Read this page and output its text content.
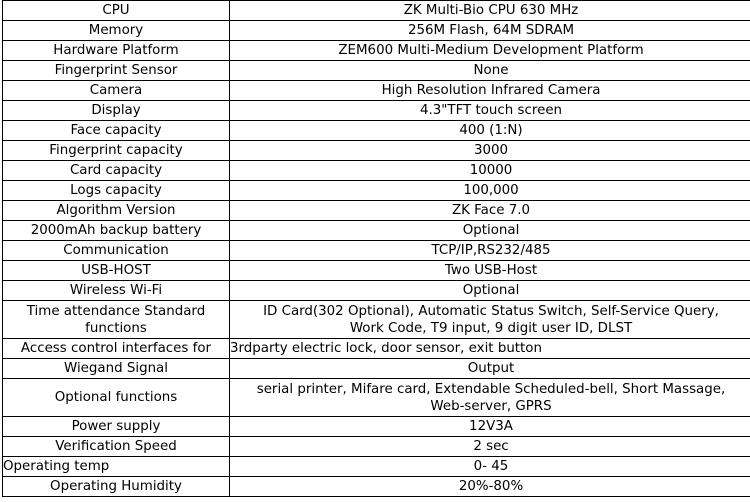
CPU	ZK Multi-Bio CPU 630 MHz
Memory	256M Flash, 64M SDRAM
Hardware Platform	ZEM600 Multi-Medium Development Platform
Fingerprint Sensor	None
Camera	High Resolution Infrared Camera
Display	4.3"TFT touch screen
Face capacity	400 (1:N)
Fingerprint capacity	3000
Card capacity	10000
Logs capacity	100,000
Algorithm Version	ZK Face 7.0
2000mAh backup battery	Optional
Communication	TCP/IP,RS232/485
USB-HOST	Two USB-Host
Wireless Wi-Fi	Optional

Time attendance Standard
functions	ID Card(302 Optional), Automatic Status Switch, Self-Service Query,
Work Code, T9 input, 9 digit user ID, DLST

Access control interfaces for	3rdparty electric lock, door sensor, exit button
Wiegand Signal	Output
Optional functions	serial printer, Mifare card, Extendable Scheduled-bell, Short Massage,
Web-server, GPRS

Power supply	12V3A
Verification Speed	2 sec
Operating temp	0- 45
Operating Humidity	20%-80%
